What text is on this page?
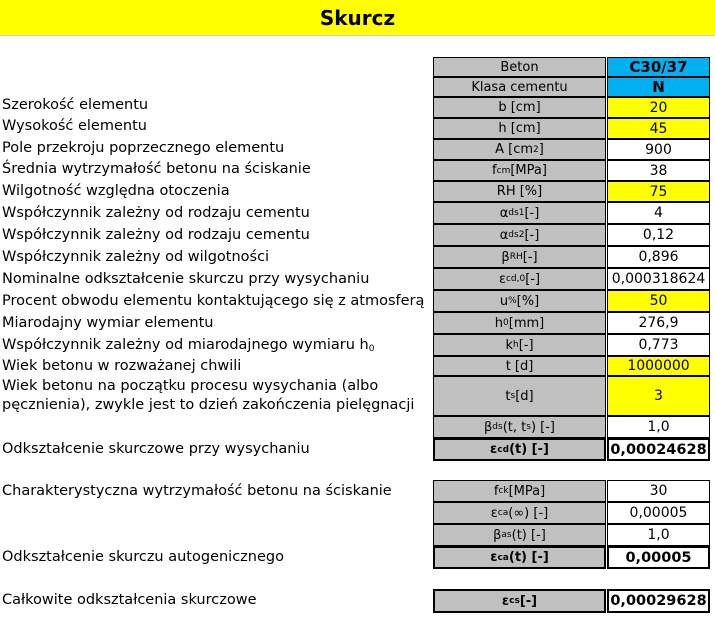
Skurcz
Beton	C30/37
Klasa cementu	N
Szerokość elementu	b [cm]	20
Wysokość elementu	h [cm]	45
Pole przekroju poprzecznego elementu	A [cm 2 ]	900
Średnia wytrzymałość betonu na ściskanie	f cm [MPa]	38
Wilgotność względna otoczenia	RH [%]	75
Współczynnik zależny od rodzaju cementu	α ds1 [-]	4
Współczynnik zależny od rodzaju cementu	α ds2 [-]	0,12
Współczynnik zależny od wilgotności	β RH [-]	0,896
Nominalne odkształcenie skurczu przy wysychaniu	ε cd,0 [-]	0,000318624
Procent obwodu elementu kontaktującego się z atmosferą	u % [%]	50
Miarodajny wymiar elementu	h 0 [mm]	276,9
Współczynnik zależny od miarodajnego wymiaru $h_0$	k h [-]	0,773
Wiek betonu w rozważanej chwili	t [d]	1000000
Wiek betonu na początku procesu wysychania (albo
pęcznienia), zwykle jest to dzień zakończenia pielęgnacji
t s [d]	3
β ds (t, t s ) [-]	1,0
Odkształcenie skurczowe przy wysychaniu	ε cd (t) [-]	0,00024628
Charakterystyczna wytrzymałość betonu na ściskanie	f ck [MPa]	30
ε ca (∞) [-]	0,00005
β as (t) [-]	1,0
Odkształcenie skurczu autogenicznego	ε ca (t) [-]	0,00005
Całkowite odkształcenia skurczowe	ε cs [-]	0,00029628
